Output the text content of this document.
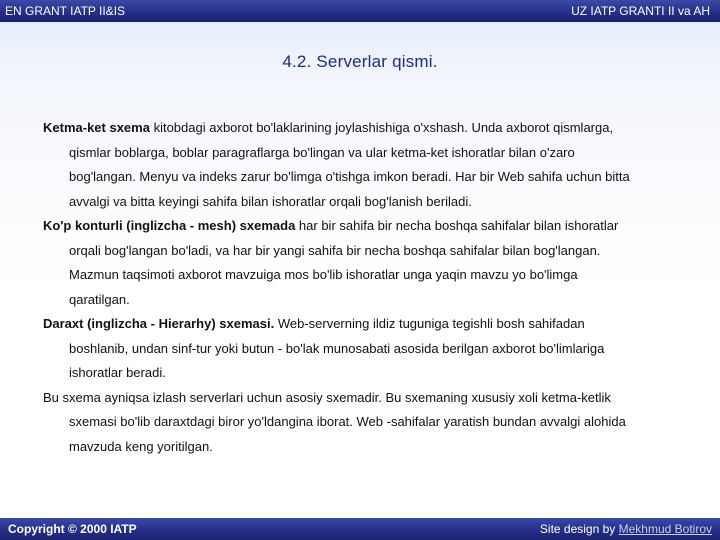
EN GRANT IATP II&IS	UZ IATP GRANTI II va AH
4.2. Serverlar qismi.
Ketma-ket sxema kitobdagi axborot bo'laklarining joylashishiga o'xshash. Unda axborot qismlarga,
qismlar boblarga, boblar paragraflarga bo'lingan va ular ketma-ket ishoratlar bilan o'zaro
bog'langan. Menyu va indeks zarur bo'limga o'tishga imkon beradi. Har bir Web sahifa uchun bitta
avvalgi va bitta keyingi sahifa bilan ishoratlar orqali bog'lanish beriladi.
Ko'p konturli (inglizcha - mesh) sxemada har bir sahifa bir necha boshqa sahifalar bilan ishoratlar
orqali bog'langan bo'ladi, va har bir yangi sahifa bir necha boshqa sahifalar bilan bog'langan.
Mazmun taqsimoti axborot mavzuiga mos bo'lib ishoratlar unga yaqin mavzu yo bo'limga
qaratilgan.
Daraxt (inglizcha - Hierarhy) sxemasi. Web-serverning ildiz tuguniga tegishli bosh sahifadan
boshlanib, undan sinf-tur yoki butun - bo'lak munosabati asosida berilgan axborot bo'limlariga
ishoratlar beradi.
Bu sxema ayniqsa izlash serverlari uchun asosiy sxemadir. Bu sxemaning xususiy xoli ketma-ketlik
sxemasi bo'lib daraxtdagi biror yo'ldangina iborat. Web -sahifalar yaratish bundan avvalgi alohida
mavzuda keng yoritilgan.
Copyright © 2000 IATP	Site design by Mekhmud Botirov
